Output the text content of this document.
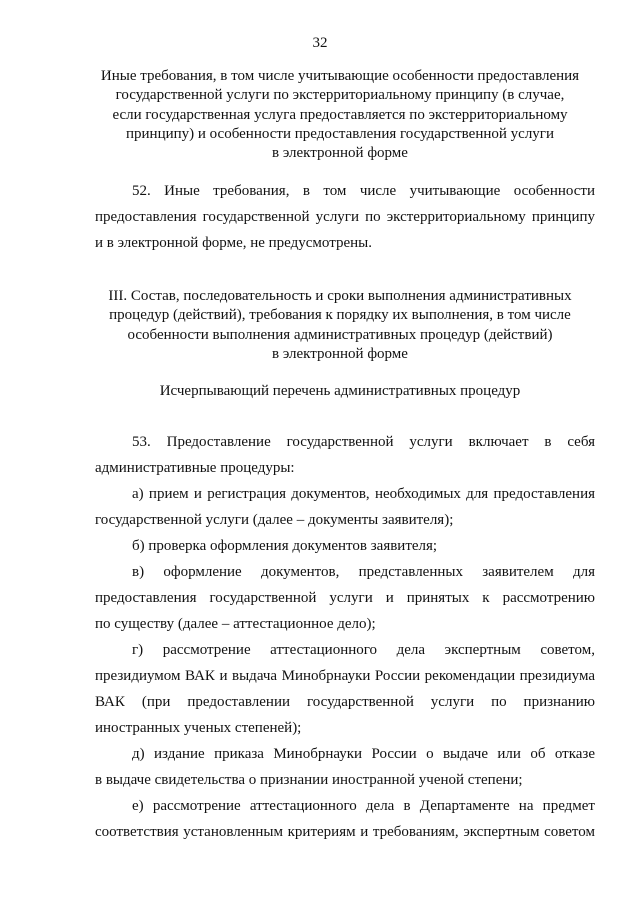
32
Иные требования, в том числе учитывающие особенности предоставления
государственной услуги по экстерриториальному принципу (в случае,
если государственная услуга предоставляется по экстерриториальному
принципу) и особенности предоставления государственной услуги
в электронной форме
52. Иные требования, в том числе учитывающие особенности
предоставления государственной услуги по экстерриториальному принципу
и в электронной форме, не предусмотрены.
III. Состав, последовательность и сроки выполнения административных
процедур (действий), требования к порядку их выполнения, в том числе
особенности выполнения административных процедур (действий)
в электронной форме
Исчерпывающий перечень административных процедур
53. Предоставление государственной услуги включает в себя
административные процедуры:
а) прием и регистрация документов, необходимых для предоставления
государственной услуги (далее – документы заявителя);
б) проверка оформления документов заявителя;
в) оформление документов, представленных заявителем для
предоставления государственной услуги и принятых к рассмотрению
по существу (далее – аттестационное дело);
г) рассмотрение аттестационного дела экспертным советом,
президиумом ВАК и выдача Минобрнауки России рекомендации президиума
ВАК (при предоставлении государственной услуги по признанию
иностранных ученых степеней);
д) издание приказа Минобрнауки России о выдаче или об отказе
в выдаче свидетельства о признании иностранной ученой степени;
е) рассмотрение аттестационного дела в Департаменте на предмет
соответствия установленным критериям и требованиям, экспертным советом
